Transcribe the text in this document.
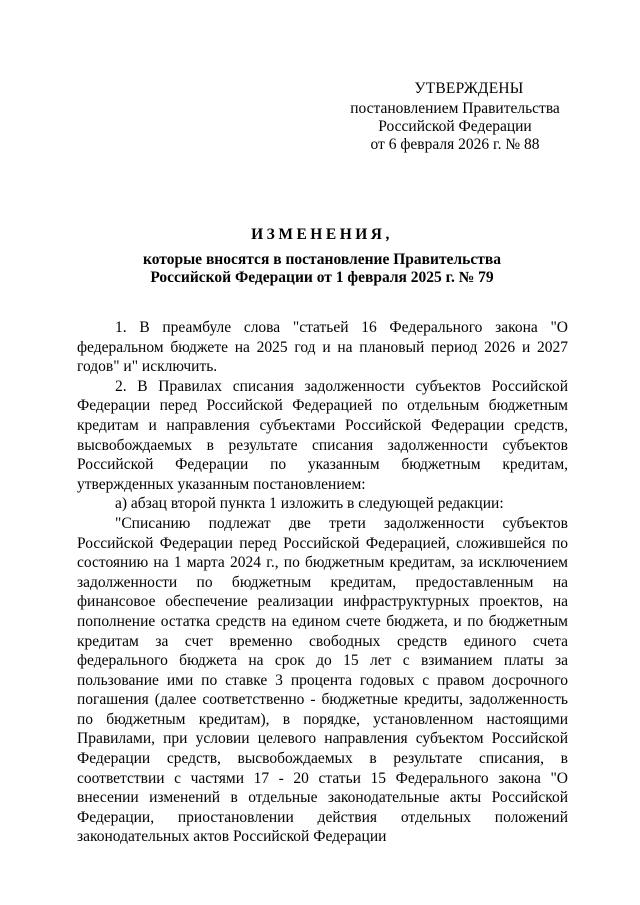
УТВЕРЖДЕНЫ
постановлением Правительства
Российской Федерации
от 6 февраля 2026 г. № 88
ИЗМЕНЕНИЯ,
которые вносятся в постановление Правительства
Российской Федерации от 1 февраля 2025 г. № 79

1. В преамбуле слова "статьей 16 Федерального закона "О федеральном бюджете на 2025 год и на плановый период 2026 и 2027 годов" и" исключить.

2. В Правилах списания задолженности субъектов Российской Федерации перед Российской Федерацией по отдельным бюджетным кредитам и направления субъектами Российской Федерации средств, высвобождаемых в результате списания задолженности субъектов Российской Федерации по указанным бюджетным кредитам, утвержденных указанным постановлением:

а) абзац второй пункта 1 изложить в следующей редакции:

"Списанию подлежат две трети задолженности субъектов Российской Федерации перед Российской Федерацией, сложившейся по состоянию на 1 марта 2024 г., по бюджетным кредитам, за исключением задолженности по бюджетным кредитам, предоставленным на финансовое обеспечение реализации инфраструктурных проектов, на пополнение остатка средств на едином счете бюджета, и по бюджетным кредитам за счет временно свободных средств единого счета федерального бюджета на срок до 15 лет с взиманием платы за пользование ими по ставке 3 процента годовых с правом досрочного погашения (далее соответственно - бюджетные кредиты, задолженность по бюджетным кредитам), в порядке, установленном настоящими Правилами, при условии целевого направления субъектом Российской Федерации средств, высвобождаемых в результате списания, в соответствии с частями 17 - 20 статьи 15 Федерального закона "О внесении изменений в отдельные законодательные акты Российской Федерации, приостановлении действия отдельных положений законодательных актов Российской Федерации
